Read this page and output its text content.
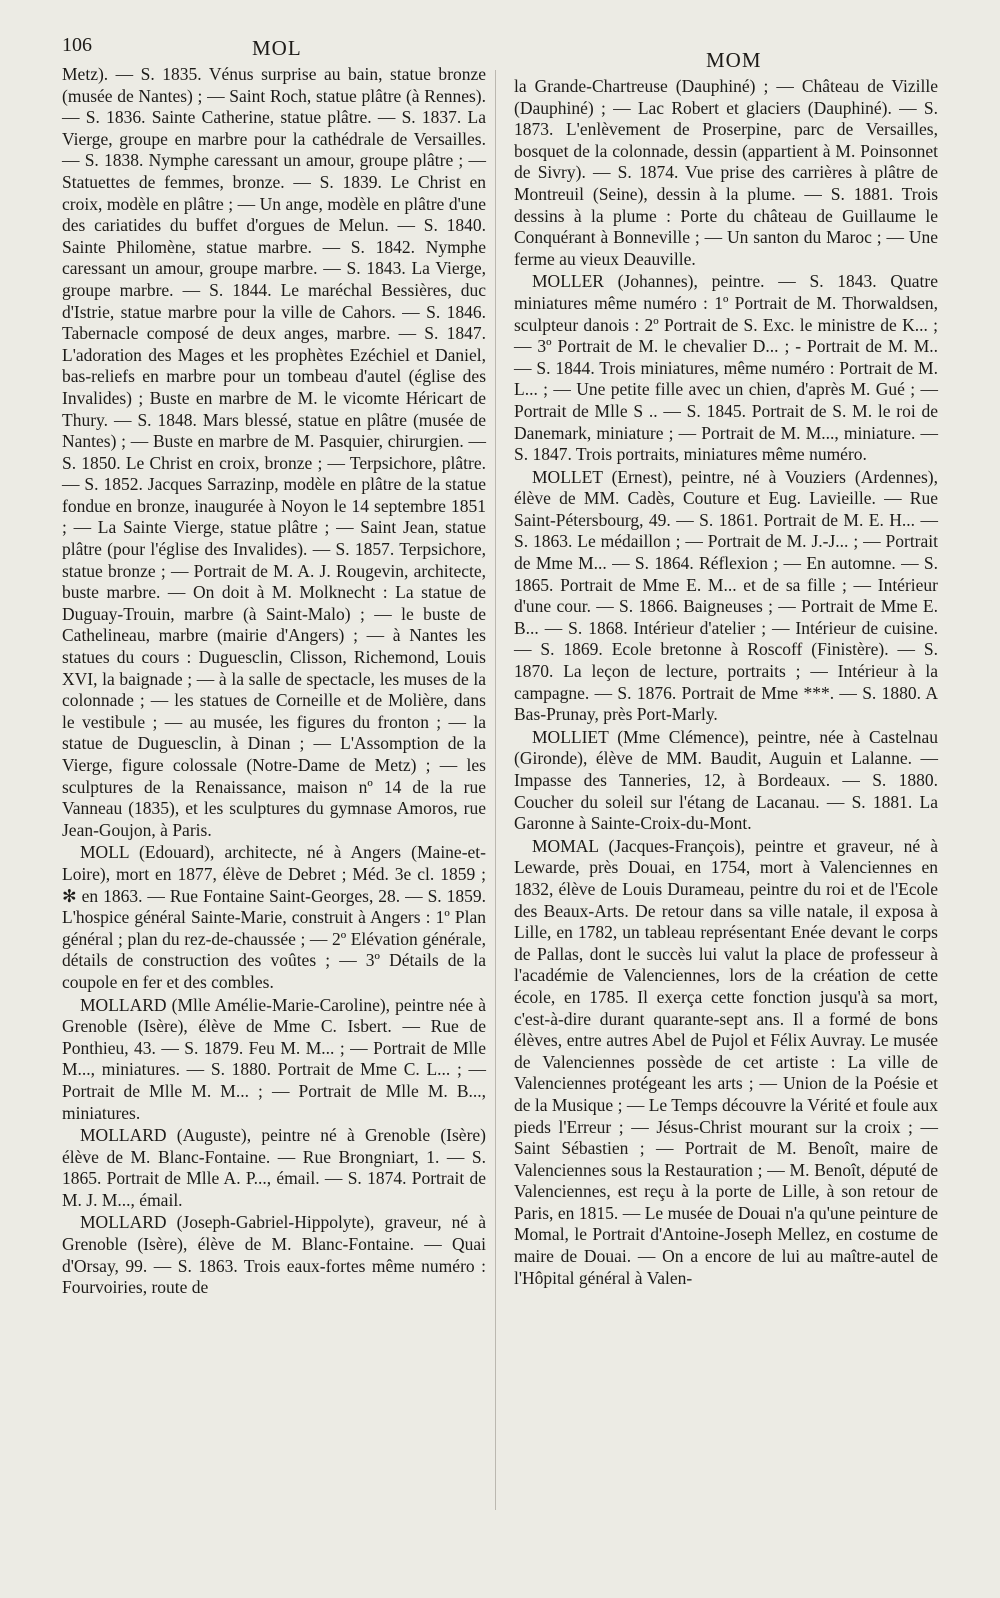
106	MOL	MOM

Metz). — S. 1835. Vénus surprise au bain, statue bronze (musée de Nantes) ; — Saint Roch, statue plâtre (à Rennes). — S. 1836. Sainte Catherine, statue plâtre. — S. 1837. La Vierge, groupe en marbre pour la cathédrale de Versailles. — S. 1838. Nymphe caressant un amour, groupe plâtre ; — Statuettes de femmes, bronze. — S. 1839. Le Christ en croix, modèle en plâtre ; — Un ange, modèle en plâtre d'une des cariatides du buffet d'orgues de Melun. — S. 1840. Sainte Philomène, statue marbre. — S. 1842. Nymphe caressant un amour, groupe marbre. — S. 1843. La Vierge, groupe marbre. — S. 1844. Le maréchal Bessières, duc d'Istrie, statue marbre pour la ville de Cahors. — S. 1846. Tabernacle composé de deux anges, marbre. — S. 1847. L'adoration des Mages et les prophètes Ezéchiel et Daniel, bas-reliefs en marbre pour un tombeau d'autel (église des Invalides) ; Buste en marbre de M. le vicomte Héricart de Thury. — S. 1848. Mars blessé, statue en plâtre (musée de Nantes) ; — Buste en marbre de M. Pasquier, chirurgien. — S. 1850. Le Christ en croix, bronze ; — Terpsichore, plâtre. — S. 1852. Jacques Sarrazinp, modèle en plâtre de la statue fondue en bronze, inaugurée à Noyon le 14 septembre 1851 ; — La Sainte Vierge, statue plâtre ; — Saint Jean, statue plâtre (pour l'église des Invalides). — S. 1857. Terpsichore, statue bronze ; — Portrait de M. A. J. Rougevin, architecte, buste marbre. — On doit à M. Molknecht : La statue de Duguay-Trouin, marbre (à Saint-Malo) ; — le buste de Cathelineau, marbre (mairie d'Angers) ; — à Nantes les statues du cours : Duguesclin, Clisson, Richemond, Louis XVI, la baignade ; — à la salle de spectacle, les muses de la colonnade ; — les statues de Corneille et de Molière, dans le vestibule ; — au musée, les figures du fronton ; — la statue de Duguesclin, à Dinan ; — L'Assomption de la Vierge, figure colossale (Notre-Dame de Metz) ; — les sculptures de la Renaissance, maison nº 14 de la rue Vanneau (1835), et les sculptures du gymnase Amoros, rue Jean-Goujon, à Paris.

MOLL (Edouard), architecte, né à Angers (Maine-et-Loire), mort en 1877, élève de Debret ; Méd. 3e cl. 1859 ; ✻ en 1863. — Rue Fontaine Saint-Georges, 28. — S. 1859. L'hospice général Sainte-Marie, construit à Angers : 1º Plan général ; plan du rez-de-chaussée ; — 2º Elévation générale, détails de construction des voûtes ; — 3º Détails de la coupole en fer et des combles.

MOLLARD (Mlle Amélie-Marie-Caroline), peintre née à Grenoble (Isère), élève de Mme C. Isbert. — Rue de Ponthieu, 43. — S. 1879. Feu M. M... ; — Portrait de Mlle M..., miniatures. — S. 1880. Portrait de Mme C. L... ; — Portrait de Mlle M. M... ; — Portrait de Mlle M. B..., miniatures.

MOLLARD (Auguste), peintre né à Grenoble (Isère) élève de M. Blanc-Fontaine. — Rue Brongniart, 1. — S. 1865. Portrait de Mlle A. P..., émail. — S. 1874. Portrait de M. J. M..., émail.

MOLLARD (Joseph-Gabriel-Hippolyte), graveur, né à Grenoble (Isère), élève de M. Blanc-Fontaine. — Quai d'Orsay, 99. — S. 1863. Trois eaux-fortes même numéro : Fourvoiries, route de

la Grande-Chartreuse (Dauphiné) ; — Château de Vizille (Dauphiné) ; — Lac Robert et glaciers (Dauphiné). — S. 1873. L'enlèvement de Proserpine, parc de Versailles, bosquet de la colonnade, dessin (appartient à M. Poinsonnet de Sivry). — S. 1874. Vue prise des carrières à plâtre de Montreuil (Seine), dessin à la plume. — S. 1881. Trois dessins à la plume : Porte du château de Guillaume le Conquérant à Bonneville ; — Un santon du Maroc ; — Une ferme au vieux Deauville.

MOLLER (Johannes), peintre. — S. 1843. Quatre miniatures même numéro : 1º Portrait de M. Thorwaldsen, sculpteur danois : 2º Portrait de S. Exc. le ministre de K... ; — 3º Portrait de M. le chevalier D... ; - Portrait de M. M.. — S. 1844. Trois miniatures, même numéro : Portrait de M. L... ; — Une petite fille avec un chien, d'après M. Gué ; — Portrait de Mlle S .. — S. 1845. Portrait de S. M. le roi de Danemark, miniature ; — Portrait de M. M..., miniature. — S. 1847. Trois portraits, miniatures même numéro.

MOLLET (Ernest), peintre, né à Vouziers (Ardennes), élève de MM. Cadès, Couture et Eug. Lavieille. — Rue Saint-Pétersbourg, 49. — S. 1861. Portrait de M. E. H... — S. 1863. Le médaillon ; — Portrait de M. J.-J... ; — Portrait de Mme M... — S. 1864. Réflexion ; — En automne. — S. 1865. Portrait de Mme E. M... et de sa fille ; — Intérieur d'une cour. — S. 1866. Baigneuses ; — Portrait de Mme E. B... — S. 1868. Intérieur d'atelier ; — Intérieur de cuisine. — S. 1869. Ecole bretonne à Roscoff (Finistère). — S. 1870. La leçon de lecture, portraits ; — Intérieur à la campagne. — S. 1876. Portrait de Mme ***. — S. 1880. A Bas-Prunay, près Port-Marly.

MOLLIET (Mme Clémence), peintre, née à Castelnau (Gironde), élève de MM. Baudit, Auguin et Lalanne. — Impasse des Tanneries, 12, à Bordeaux. — S. 1880. Coucher du soleil sur l'étang de Lacanau. — S. 1881. La Garonne à Sainte-Croix-du-Mont.

MOMAL (Jacques-François), peintre et graveur, né à Lewarde, près Douai, en 1754, mort à Valenciennes en 1832, élève de Louis Durameau, peintre du roi et de l'Ecole des Beaux-Arts. De retour dans sa ville natale, il exposa à Lille, en 1782, un tableau représentant Enée devant le corps de Pallas, dont le succès lui valut la place de professeur à l'académie de Valenciennes, lors de la création de cette école, en 1785. Il exerça cette fonction jusqu'à sa mort, c'est-à-dire durant quarante-sept ans. Il a formé de bons élèves, entre autres Abel de Pujol et Félix Auvray. Le musée de Valenciennes possède de cet artiste : La ville de Valenciennes protégeant les arts ; — Union de la Poésie et de la Musique ; — Le Temps découvre la Vérité et foule aux pieds l'Erreur ; — Jésus-Christ mourant sur la croix ; — Saint Sébastien ; — Portrait de M. Benoît, maire de Valenciennes sous la Restauration ; — M. Benoît, député de Valenciennes, est reçu à la porte de Lille, à son retour de Paris, en 1815. — Le musée de Douai n'a qu'une peinture de Momal, le Portrait d'Antoine-Joseph Mellez, en costume de maire de Douai. — On a encore de lui au maître-autel de l'Hôpital général à Valen-
